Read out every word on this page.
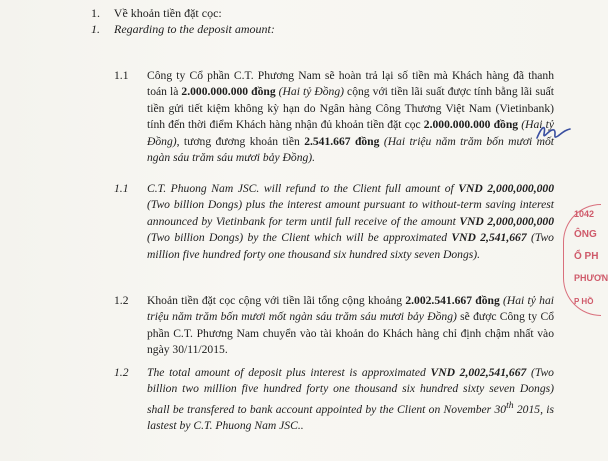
1. Về khoản tiền đặt cọc:
1. Regarding to the deposit amount:
1.1 Công ty Cổ phần C.T. Phương Nam sẽ hoàn trả lại số tiền mà Khách hàng đã thanh toán là 2.000.000.000 đồng (Hai tỷ Đồng) cộng với tiền lãi suất được tính bằng lãi suất tiền gửi tiết kiệm không kỳ hạn do Ngân hàng Công Thương Việt Nam (Vietinbank) tính đến thời điểm Khách hàng nhận đủ khoản tiền đặt cọc 2.000.000.000 đồng (Hai tỷ Đồng), tương đương khoản tiền 2.541.667 đồng (Hai triệu năm trăm bốn mươi mốt ngàn sáu trăm sáu mươi bảy Đồng).
1.1 C.T. Phuong Nam JSC. will refund to the Client full amount of VND 2,000,000,000 (Two billion Dongs) plus the interest amount pursuant to without-term saving interest announced by Vietinbank for term until full receive of the amount VND 2,000,000,000 (Two billion Dongs) by the Client which will be approximated VND 2,541,667 (Two million five hundred forty one thousand six hundred sixty seven Dongs).
1.2 Khoản tiền đặt cọc cộng với tiền lãi tổng cộng khoảng 2.002.541.667 đồng (Hai tỷ hai triệu năm trăm bốn mươi mốt ngàn sáu trăm sáu mươi bảy Đồng) sẽ được Công ty Cổ phần C.T. Phương Nam chuyển vào tài khoản do Khách hàng chỉ định chậm nhất vào ngày 30/11/2015.
1.2 The total amount of deposit plus interest is approximated VND 2,002,541,667 (Two billion two million five hundred forty one thousand six hundred sixty seven Dongs) shall be transfered to bank account appointed by the Client on November 30th 2015, is lastest by C.T. Phuong Nam JSC..
1042
ÔNG
Ổ PH
PHƯƠN
P HỒ
